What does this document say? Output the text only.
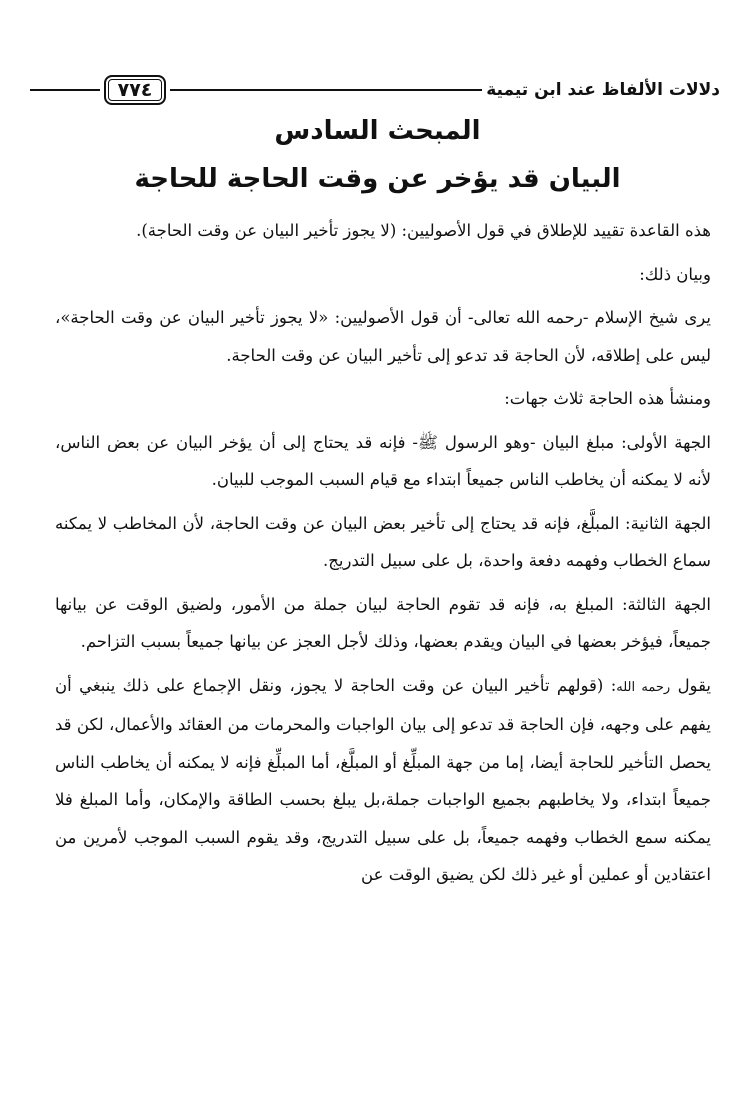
دلالات الألفاظ عند ابن تيمية
٧٧٤
المبحث السادس
البيان قد يؤخر عن وقت الحاجة للحاجة

هذه القاعدة تقييد للإطلاق في قول الأصوليين: (لا يجوز تأخير البيان عن وقت الحاجة).

وبيان ذلك:

يرى شيخ الإسلام -رحمه الله تعالى- أن قول الأصوليين: «لا يجوز تأخير البيان عن وقت الحاجة»، ليس على إطلاقه، لأن الحاجة قد تدعو إلى تأخير البيان عن وقت الحاجة.

ومنشأ هذه الحاجة ثلاث جهات:

الجهة الأولى: مبلغ البيان -وهو الرسول ﷺ- فإنه قد يحتاج إلى أن يؤخر البيان عن بعض الناس، لأنه لا يمكنه أن يخاطب الناس جميعاً ابتداء مع قيام السبب الموجب للبيان.

الجهة الثانية: المبلَّغ، فإنه قد يحتاج إلى تأخير بعض البيان عن وقت الحاجة، لأن المخاطب لا يمكنه سماع الخطاب وفهمه دفعة واحدة، بل على سبيل التدريج.

الجهة الثالثة: المبلغ به، فإنه قد تقوم الحاجة لبيان جملة من الأمور، ولضيق الوقت عن بيانها جميعاً، فيؤخر بعضها في البيان ويقدم بعضها، وذلك لأجل العجز عن بيانها جميعاً بسبب التزاحم.

يقول رحمه الله: (قولهم تأخير البيان عن وقت الحاجة لا يجوز، ونقل الإجماع على ذلك ينبغي أن يفهم على وجهه، فإن الحاجة قد تدعو إلى بيان الواجبات والمحرمات من العقائد والأعمال، لكن قد يحصل التأخير للحاجة أيضا، إما من جهة المبلِّغ أو المبلَّغ، أما المبلِّغ فإنه لا يمكنه أن يخاطب الناس جميعاً ابتداء، ولا يخاطبهم بجميع الواجبات جملة،بل يبلغ بحسب الطاقة والإمكان، وأما المبلغ فلا يمكنه سمع الخطاب وفهمه جميعاً، بل على سبيل التدريج، وقد يقوم السبب الموجب لأمرين من اعتقادين أو عملين أو غير ذلك لكن يضيق الوقت عن
